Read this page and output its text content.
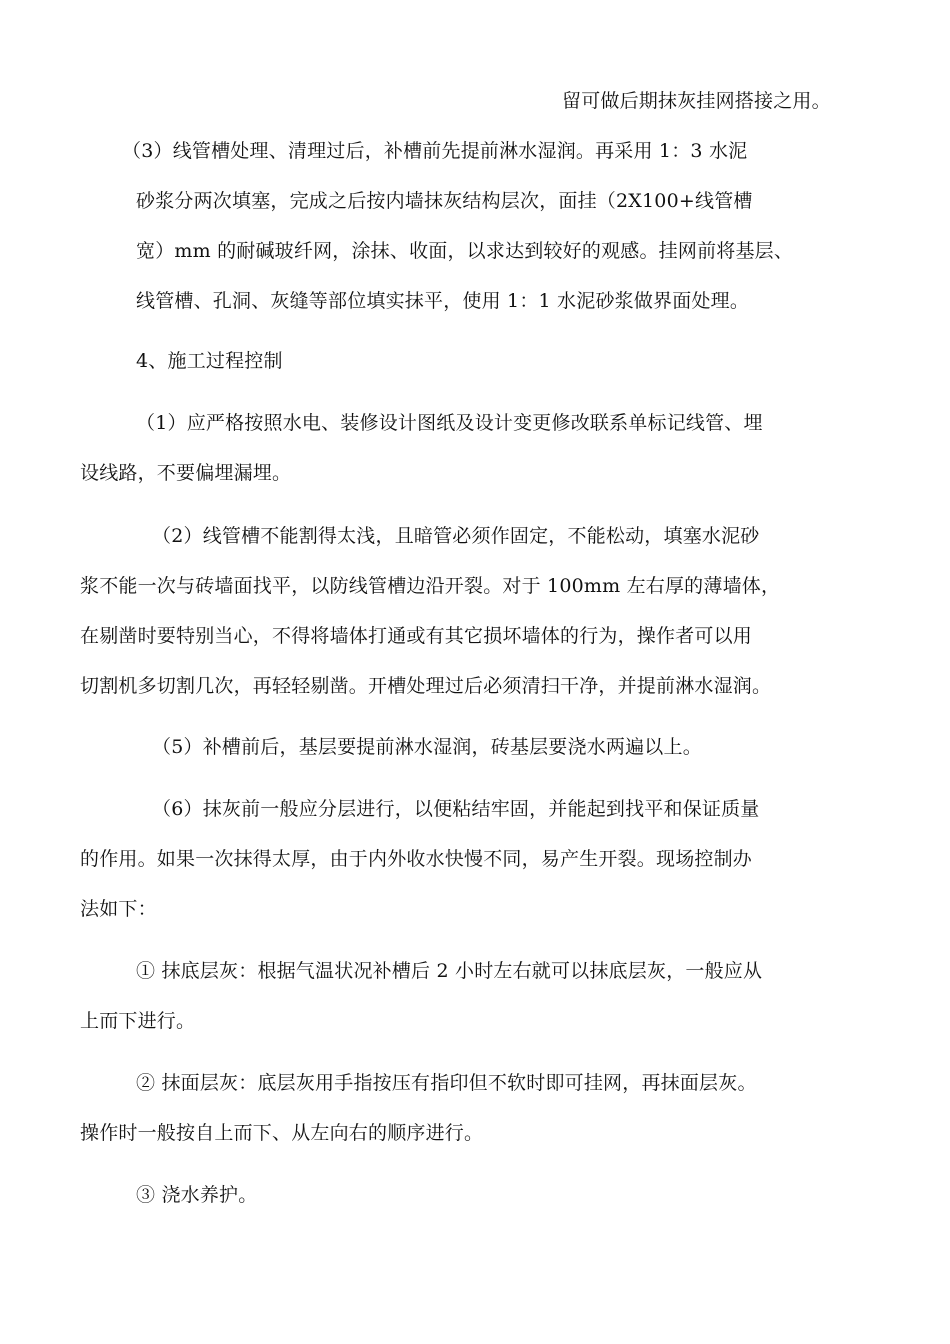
留可做后期抹灰挂网搭接之用。
（3）线管槽处理、清理过后，补槽前先提前淋水湿润。再采用 1：3 水泥
砂浆分两次填塞，完成之后按内墙抹灰结构层次，面挂（2X100+线管槽
宽）mm 的耐碱玻纤网，涂抹、收面，以求达到较好的观感。挂网前将基层、
线管槽、孔洞、灰缝等部位填实抹平，使用 1：1 水泥砂浆做界面处理。
4、施工过程控制
（1）应严格按照水电、装修设计图纸及设计变更修改联系单标记线管、埋
设线路，不要偏埋漏埋。
（2）线管槽不能割得太浅，且暗管必须作固定，不能松动，填塞水泥砂
浆不能一次与砖墙面找平，以防线管槽边沿开裂。对于 100mm 左右厚的薄墙体，
在剔凿时要特别当心，不得将墙体打通或有其它损坏墙体的行为，操作者可以用
切割机多切割几次，再轻轻剔凿。开槽处理过后必须清扫干净，并提前淋水湿润。
（5）补槽前后，基层要提前淋水湿润，砖基层要浇水两遍以上。
（6）抹灰前一般应分层进行，以便粘结牢固，并能起到找平和保证质量
的作用。如果一次抹得太厚，由于内外收水快慢不同，易产生开裂。现场控制办
法如下：
① 抹底层灰：根据气温状况补槽后 2 小时左右就可以抹底层灰，一般应从
上而下进行。
② 抹面层灰：底层灰用手指按压有指印但不软时即可挂网，再抹面层灰。
操作时一般按自上而下、从左向右的顺序进行。
③ 浇水养护。
